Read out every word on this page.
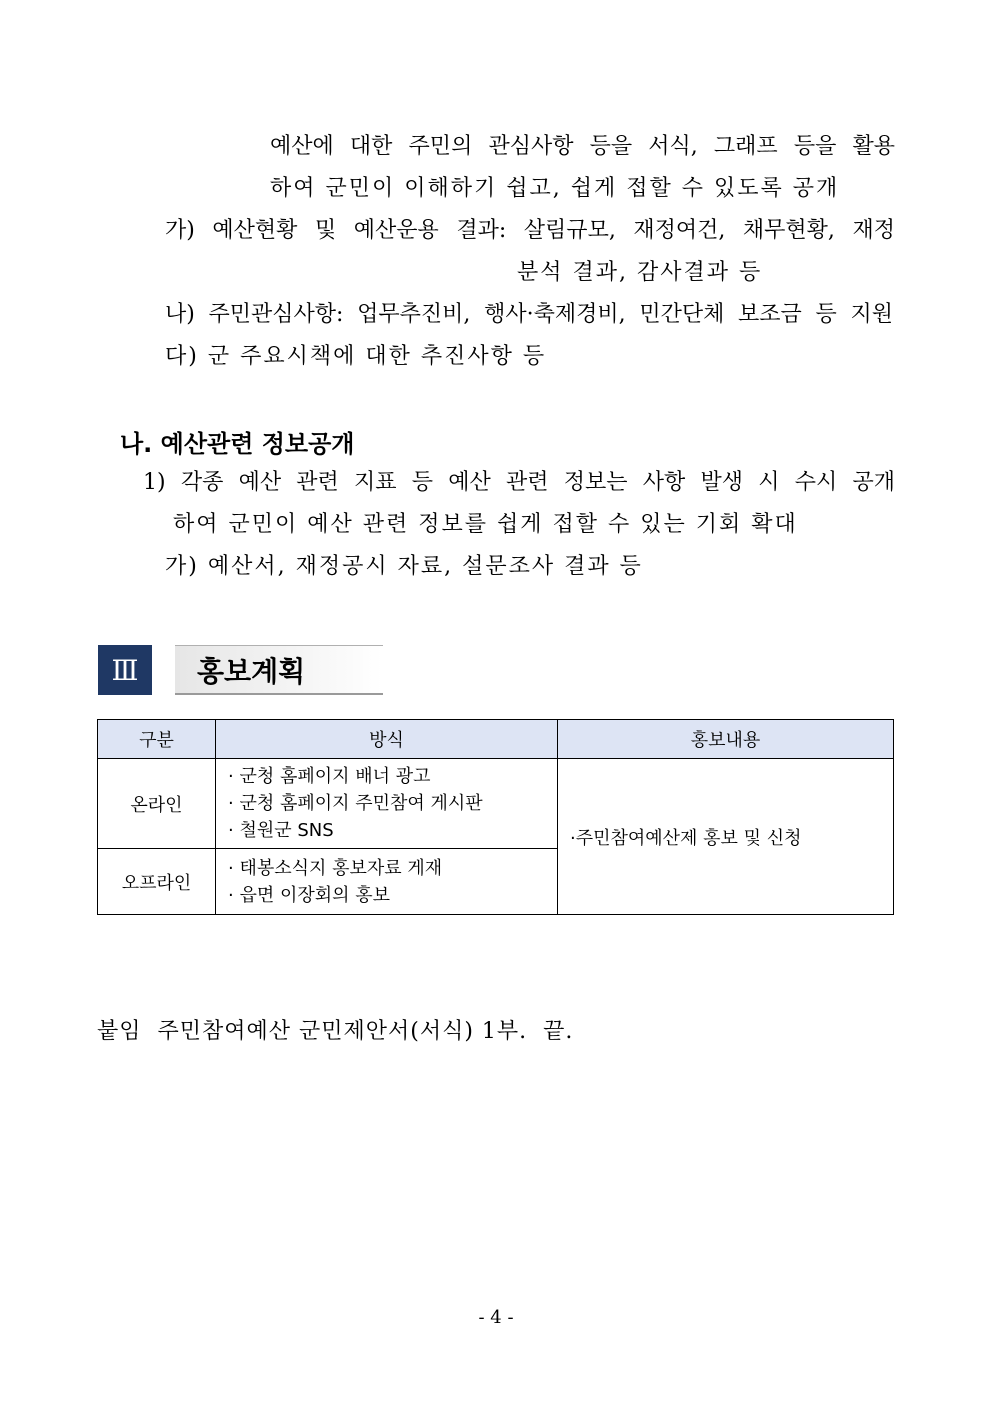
예산에 대한 주민의 관심사항 등을 서식, 그래프 등을 활용
하여 군민이 이해하기 쉽고, 쉽게 접할 수 있도록 공개
가) 예산현황 및 예산운용 결과: 살림규모, 재정여건, 채무현황, 재정
분석 결과, 감사결과 등
나) 주민관심사항: 업무추진비, 행사·축제경비, 민간단체 보조금 등 지원
다) 군 주요시책에 대한 추진사항 등
나. 예산관련 정보공개
1) 각종 예산 관련 지표 등 예산 관련 정보는 사항 발생 시 수시 공개
하여 군민이 예산 관련 정보를 쉽게 접할 수 있는 기회 확대
가) 예산서, 재정공시 자료, 설문조사 결과 등
Ⅲ	홍보계획
구분	방식	홍보내용
온라인	· 군청 홈페이지 배너 광고
· 군청 홈페이지 주민참여 게시판
· 철원군 SNS	·주민참여예산제 홍보 및 신청
오프라인	· 태봉소식지 홍보자료 게재
· 읍면 이장회의 홍보	
붙임  주민참여예산 군민제안서(서식) 1부.  끝.
- 4 -
